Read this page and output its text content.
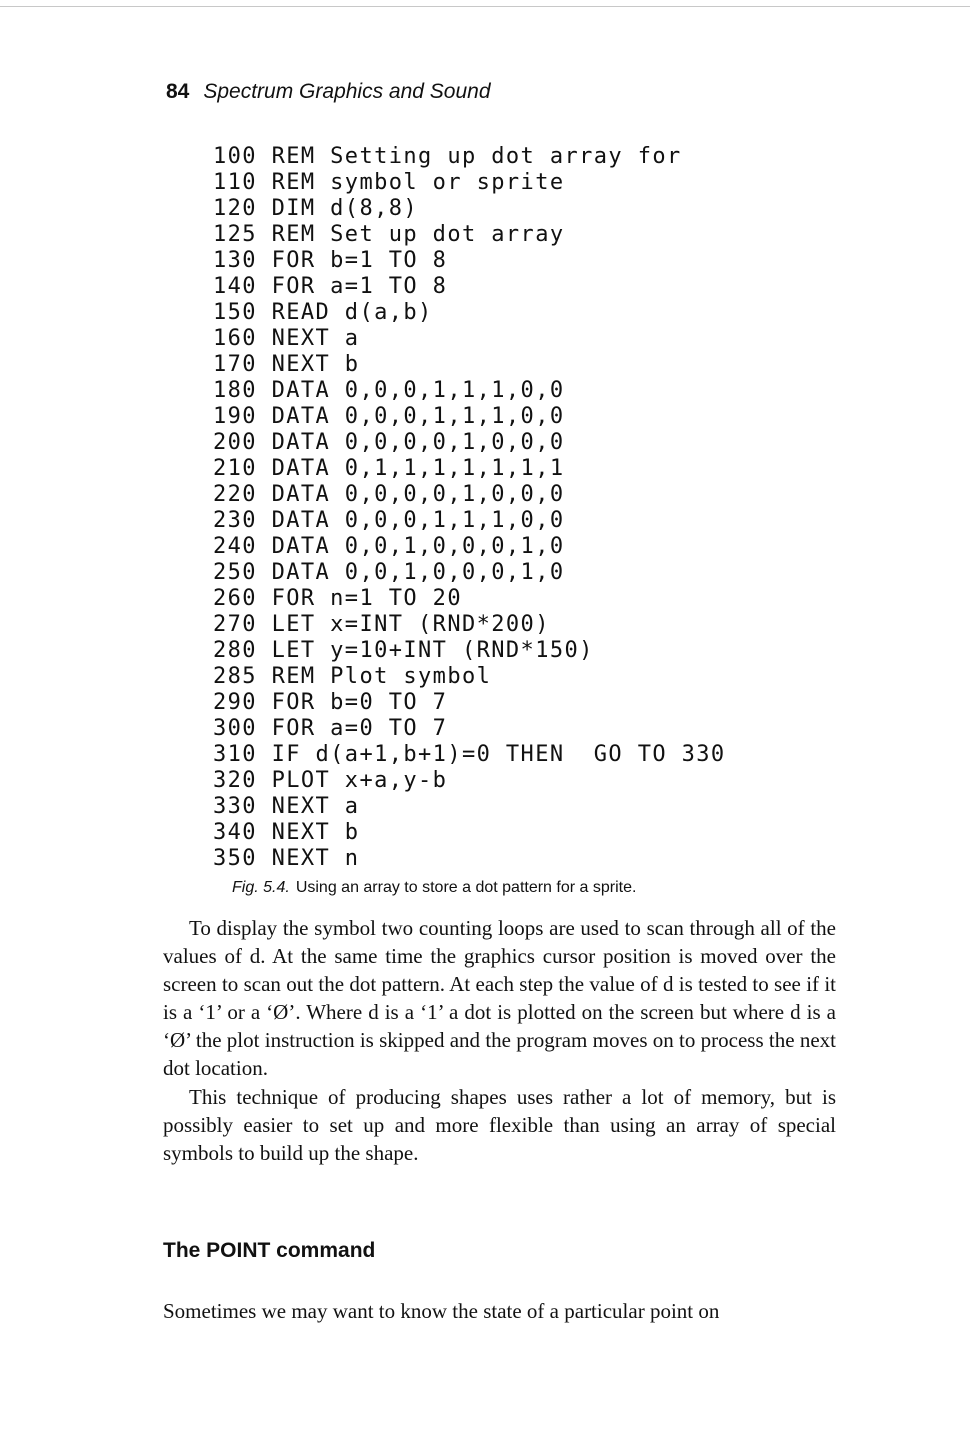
84 Spectrum Graphics and Sound
100 REM Setting up dot array for
110 REM symbol or sprite
120 DIM d(8,8)
125 REM Set up dot array
130 FOR b=1 TO 8
140 FOR a=1 TO 8
150 READ d(a,b)
160 NEXT a
170 NEXT b
180 DATA 0,0,0,1,1,1,0,0
190 DATA 0,0,0,1,1,1,0,0
200 DATA 0,0,0,0,1,0,0,0
210 DATA 0,1,1,1,1,1,1,1
220 DATA 0,0,0,0,1,0,0,0
230 DATA 0,0,0,1,1,1,0,0
240 DATA 0,0,1,0,0,0,1,0
250 DATA 0,0,1,0,0,0,1,0
260 FOR n=1 TO 20
270 LET x=INT (RND*200)
280 LET y=10+INT (RND*150)
285 REM Plot symbol
290 FOR b=0 TO 7
300 FOR a=0 TO 7
310 IF d(a+1,b+1)=0 THEN  GO TO 330
320 PLOT x+a,y-b
330 NEXT a
340 NEXT b
350 NEXT n
Fig. 5.4. Using an array to store a dot pattern for a sprite.

To display the symbol two counting loops are used to scan through all of the values of d. At the same time the graphics cursor position is moved over the screen to scan out the dot pattern. At each step the value of d is tested to see if it is a ‘1’ or a ‘Ø’. Where d is a ‘1’ a dot is plotted on the screen but where d is a ‘Ø’ the plot instruction is skipped and the program moves on to process the next dot location.

This technique of producing shapes uses rather a lot of memory, but is possibly easier to set up and more flexible than using an array of special symbols to build up the shape.

The POINT command

Sometimes we may want to know the state of a particular point on
